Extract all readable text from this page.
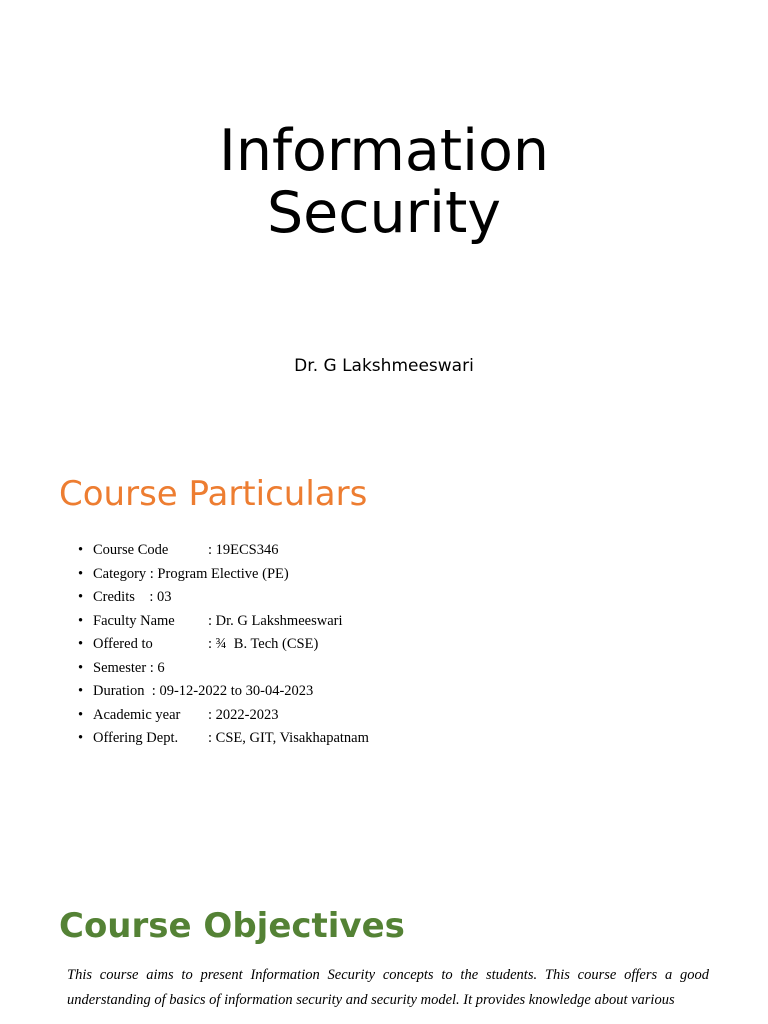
Information
Security
Dr. G Lakshmeeswari
Course Particulars
• Course Code	: 19ECS346
• Category : Program Elective (PE)
• Credits    : 03
• Faculty Name : Dr. G Lakshmeeswari
• Offered to	: ¾  B. Tech (CSE)
• Semester : 6
• Duration  : 09-12-2022 to 30-04-2023
• Academic year : 2022-2023
• Offering Dept. : CSE, GIT, Visakhapatnam
Course Objectives

This course aims to present Information Security concepts to the students. This course offers a good understanding of basics of information security and security model. It provides knowledge about various
